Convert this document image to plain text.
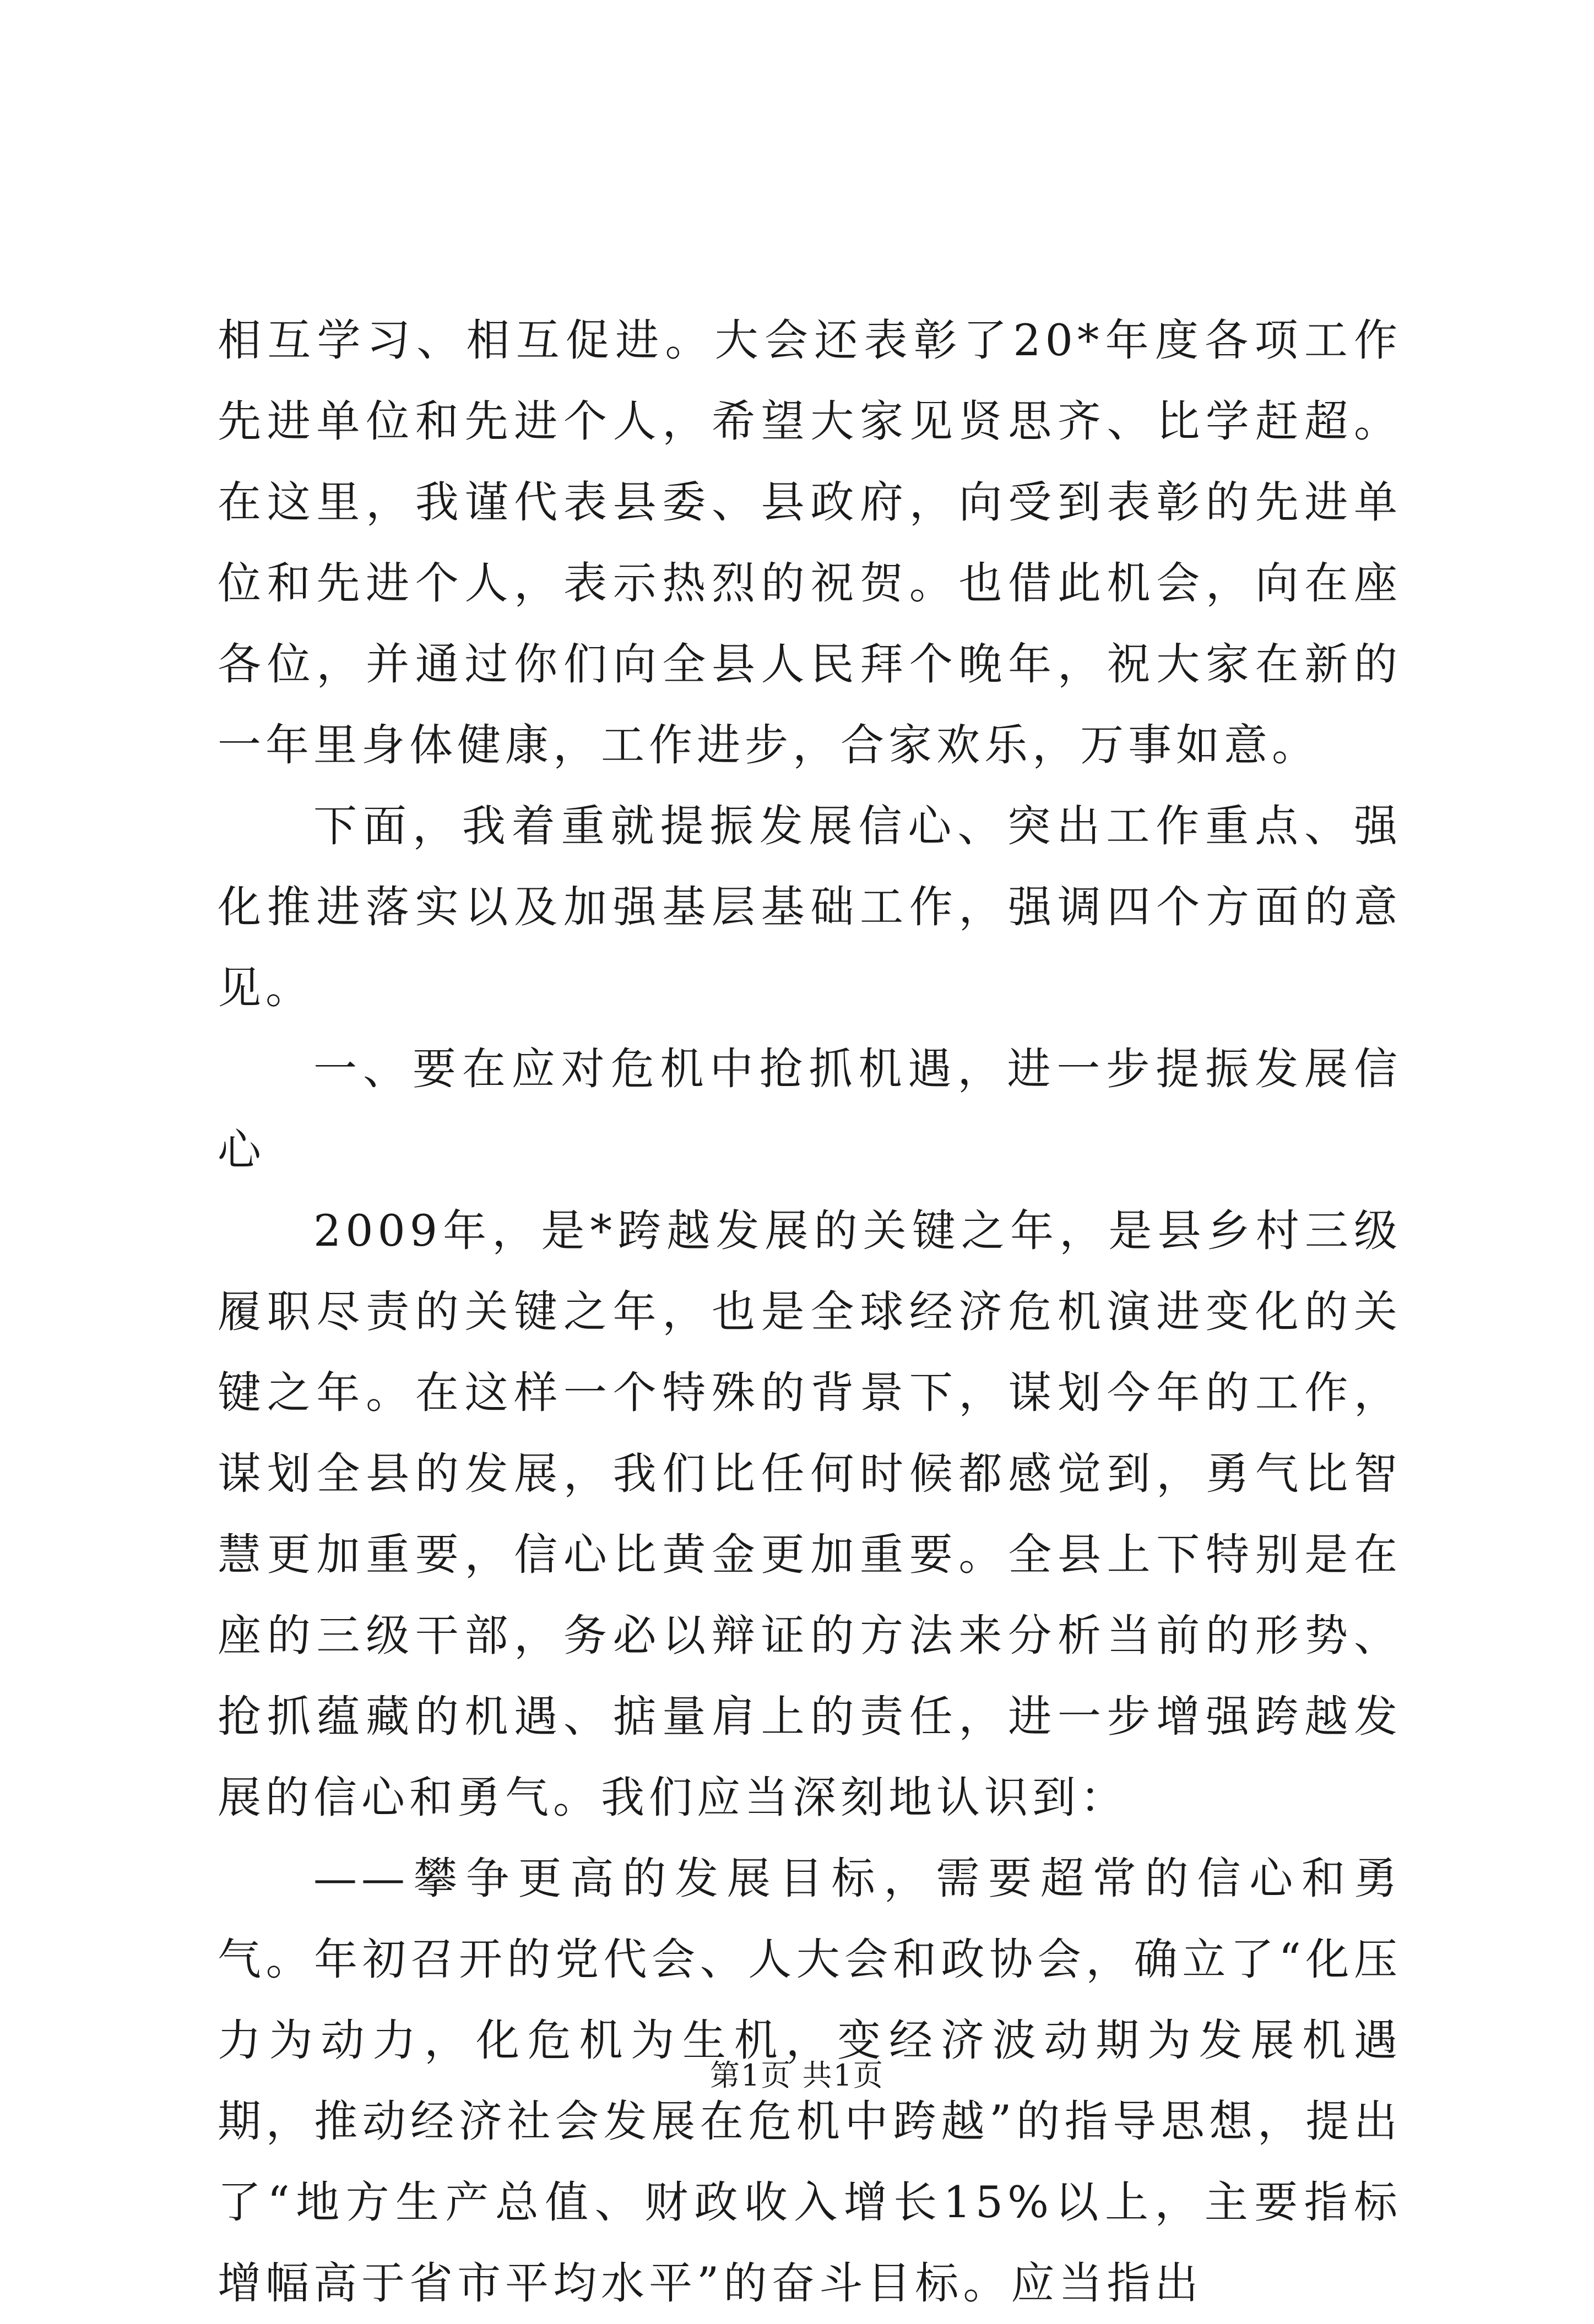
相互学习、相互促进。大会还表彰了20*年度各项工作先进单位和先进个人，希望大家见贤思齐、比学赶超。在这里，我谨代表县委、县政府，向受到表彰的先进单位和先进个人，表示热烈的祝贺。也借此机会，向在座各位，并通过你们向全县人民拜个晚年，祝大家在新的一年里身体健康，工作进步，合家欢乐，万事如意。

下面，我着重就提振发展信心、突出工作重点、强化推进落实以及加强基层基础工作，强调四个方面的意见。

一、要在应对危机中抢抓机遇，进一步提振发展信心

2009年，是*跨越发展的关键之年，是县乡村三级履职尽责的关键之年，也是全球经济危机演进变化的关键之年。在这样一个特殊的背景下，谋划今年的工作，谋划全县的发展，我们比任何时候都感觉到，勇气比智慧更加重要，信心比黄金更加重要。全县上下特别是在座的三级干部，务必以辩证的方法来分析当前的形势、抢抓蕴藏的机遇、掂量肩上的责任，进一步增强跨越发展的信心和勇气。我们应当深刻地认识到：

——攀争更高的发展目标，需要超常的信心和勇气。年初召开的党代会、人大会和政协会，确立了“化压力为动力，化危机为生机，变经济波动期为发展机遇期，推动经济社会发展在危机中跨越”的指导思想，提出了“地方生产总值、财政收入增长15%以上，主要指标增幅高于省市平均水平”的奋斗目标。应当指出

第1页 共1页
